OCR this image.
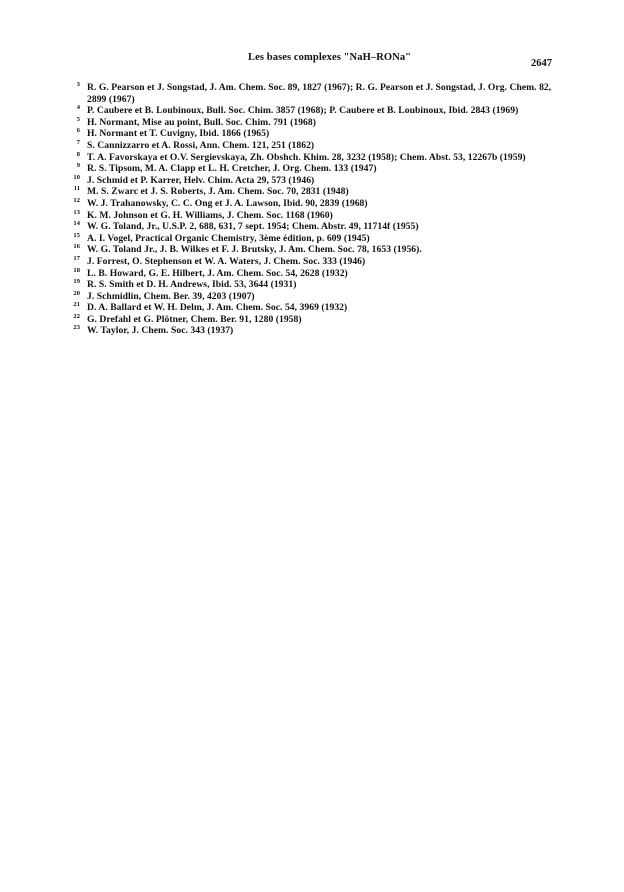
Les bases complexes "NaH–RONa"
2647
3 R. G. Pearson et J. Songstad, J. Am. Chem. Soc. 89, 1827 (1967); R. G. Pearson et J. Songstad, J. Org. Chem. 82, 2899 (1967)
4 P. Caubere et B. Loubinoux, Bull. Soc. Chim. 3857 (1968); P. Caubere et B. Loubinoux, Ibid. 2843 (1969)
5 H. Normant, Mise au point, Bull. Soc. Chim. 791 (1968)
6 H. Normant et T. Cuvigny, Ibid. 1866 (1965)
7 S. Cannizzarro et A. Rossi, Ann. Chem. 121, 251 (1862)
8 T. A. Favorskaya et O.V. Sergievskaya, Zh. Obshch. Khim. 28, 3232 (1958); Chem. Abst. 53, 12267b (1959)
9 R. S. Tipsom, M. A. Clapp et L. H. Cretcher, J. Org. Chem. 133 (1947)
10 J. Schmid et P. Karrer, Helv. Chim. Acta 29, 573 (1946)
11 M. S. Zwarc et J. S. Roberts, J. Am. Chem. Soc. 70, 2831 (1948)
12 W. J. Trahanowsky, C. C. Ong et J. A. Lawson, Ibid. 90, 2839 (1968)
13 K. M. Johnson et G. H. Williams, J. Chem. Soc. 1168 (1960)
14 W. G. Toland, Jr., U.S.P. 2, 688, 631, 7 sept. 1954; Chem. Abstr. 49, 11714f (1955)
15 A. I. Vogel, Practical Organic Chemistry, 3ème édition, p. 609 (1945)
16 W. G. Toland Jr., J. B. Wilkes et F. J. Brutsky, J. Am. Chem. Soc. 78, 1653 (1956).
17 J. Forrest, O. Stephenson et W. A. Waters, J. Chem. Soc. 333 (1946)
18 L. B. Howard, G. E. Hilbert, J. Am. Chem. Soc. 54, 2628 (1932)
19 R. S. Smith et D. H. Andrews, Ibid. 53, 3644 (1931)
20 J. Schmidlin, Chem. Ber. 39, 4203 (1907)
21 D. A. Ballard et W. H. Delm, J. Am. Chem. Soc. 54, 3969 (1932)
22 G. Drefahl et G. Plötner, Chem. Ber. 91, 1280 (1958)
23 W. Taylor, J. Chem. Soc. 343 (1937)
